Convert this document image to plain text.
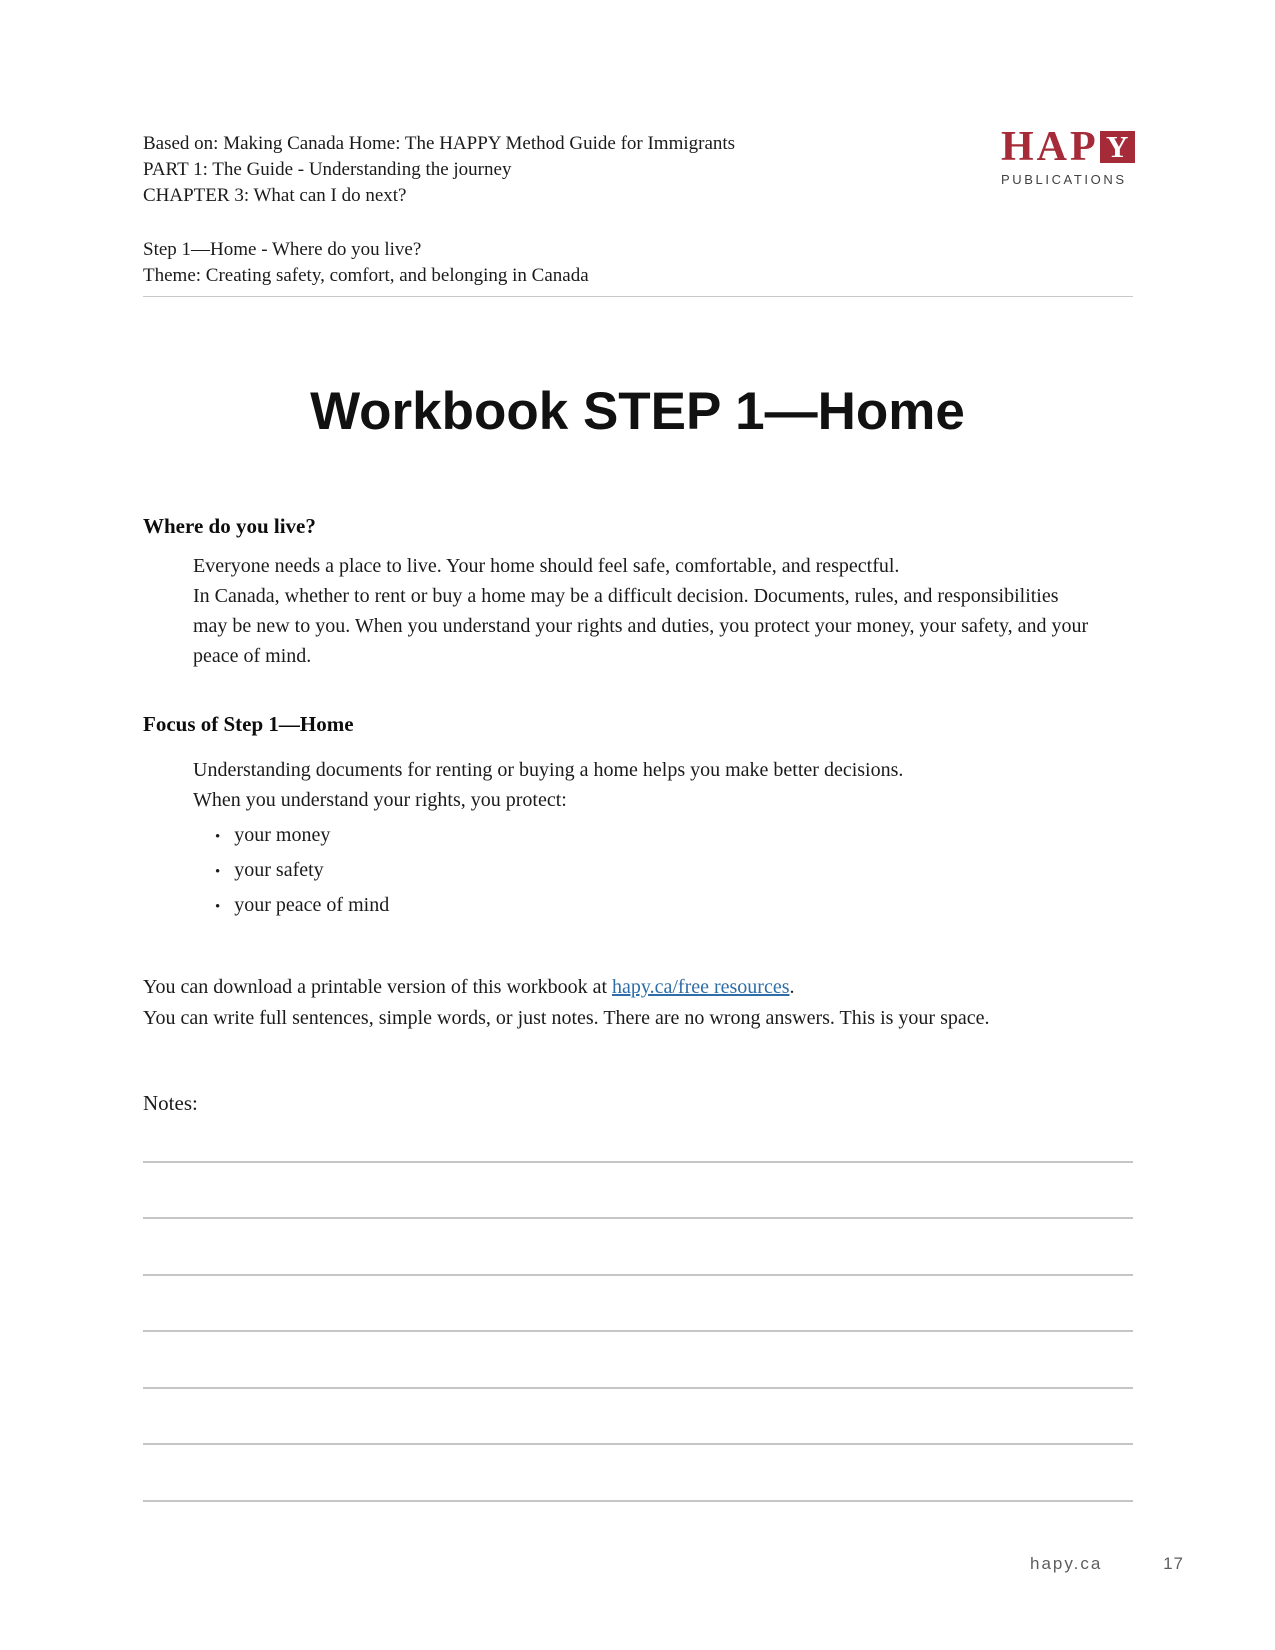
Based on: Making Canada Home: The HAPPY Method Guide for Immigrants
PART 1: The Guide - Understanding the journey
CHAPTER 3: What can I do next?
Step 1—Home - Where do you live?
Theme: Creating safety, comfort, and belonging in Canada
HAP Y
PUBLICATIONS
Workbook STEP 1—Home
Where do you live?

Everyone needs a place to live. Your home should feel safe, comfortable, and respectful.

In Canada, whether to rent or buy a home may be a difficult decision. Documents, rules, and responsibilities may be new to you. When you understand your rights and duties, you protect your money, your safety, and your peace of mind.

Focus of Step 1—Home

Understanding documents for renting or buying a home helps you make better decisions.

When you understand your rights, you protect:

• your money
• your safety
• your peace of mind
You can download a printable version of this workbook at hapy.ca/free resources.
You can write full sentences, simple words, or just notes. There are no wrong answers. This is your space.
Notes:
hapy.ca	17
